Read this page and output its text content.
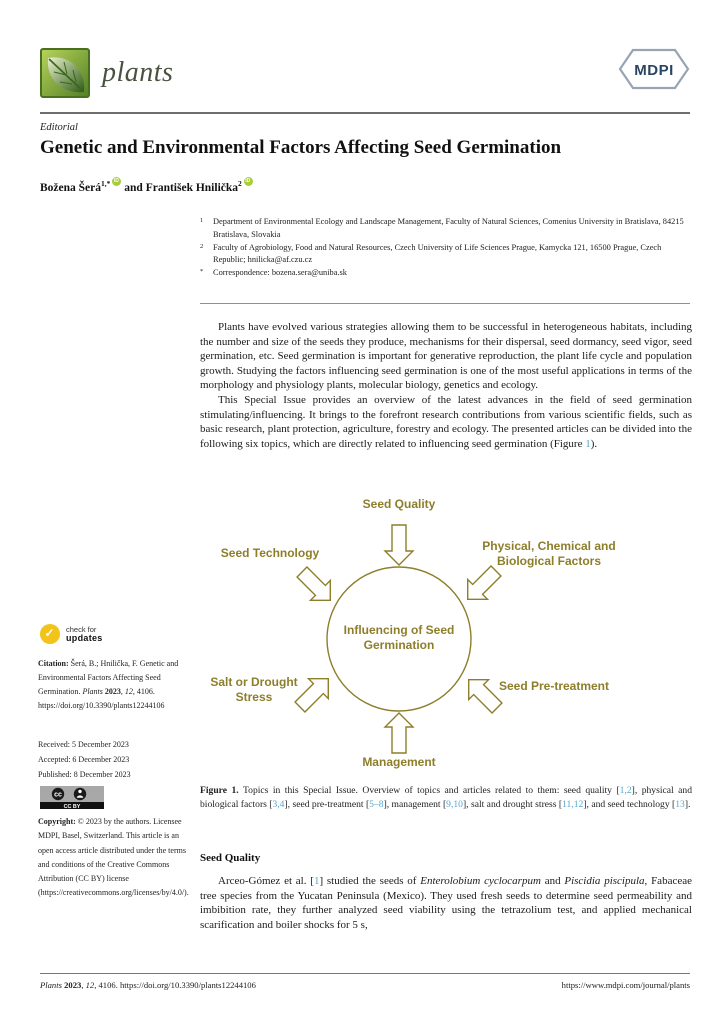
plants	MDPI
Editorial
Genetic and Environmental Factors Affecting Seed Germination
Božena Šerá$^{1,*}$iD and František Hnilička$^2$iD
1	Department of Environmental Ecology and Landscape Management, Faculty of Natural Sciences, Comenius University in Bratislava, 84215 Bratislava, Slovakia
2	Faculty of Agrobiology, Food and Natural Resources, Czech University of Life Sciences Prague, Kamycka 121, 16500 Prague, Czech Republic; hnilicka@af.czu.cz
*	Correspondence: bozena.sera@uniba.sk

Plants have evolved various strategies allowing them to be successful in heterogeneous habitats, including the number and size of the seeds they produce, mechanisms for their dispersal, seed dormancy, seed vigor, seed germination, etc. Seed germination is important for generative reproduction, the plant life cycle and population growth. Studying the factors influencing seed germination is one of the most useful applications in terms of the morphology and physiology plants, molecular biology, genetics and ecology.

This Special Issue provides an overview of the latest advances in the field of seed germination stimulating/influencing. It brings to the forefront research contributions from various scientific fields, such as basic research, plant protection, agriculture, forestry and ecology. The presented articles can be divided into the following six topics, which are directly related to influencing seed germination (Figure 1).

Seed Quality
Seed Technology	Physical, Chemical and Biological Factors
Salt or Drought Stress
Seed Pre-treatment
Management
Influencing of Seed Germination
Figure 1. Topics in this Special Issue. Overview of topics and articles related to them: seed quality [1,2], physical and biological factors [3,4], seed pre-treatment [5–8], management [9,10], salt and drought stress [11,12], and seed technology [13].
Seed Quality
Arceo-Gómez et al. [1] studied the seeds of Enterolobium cyclocarpum and Piscidia piscipula, Fabaceae tree species from the Yucatan Peninsula (Mexico). They used fresh seeds to determine seed permeability and imbibition rate, they further analyzed seed viability using the tetrazolium test, and applied mechanical scarification and boiler shocks for 5 s,
✓
check for
updates
Citation: Šerá, B.; Hnilička, F. Genetic and Environmental Factors Affecting Seed Germination. Plants 2023, 12, 4106. https://doi.org/10.3390/plants12244106
Received: 5 December 2023
Accepted: 6 December 2023
Published: 8 December 2023
cc
CC BY
Copyright: © 2023 by the authors. Licensee MDPI, Basel, Switzerland. This article is an open access article distributed under the terms and conditions of the Creative Commons Attribution (CC BY) license (https://creativecommons.org/licenses/by/4.0/).
Plants 2023, 12, 4106. https://doi.org/10.3390/plants12244106	https://www.mdpi.com/journal/plants
